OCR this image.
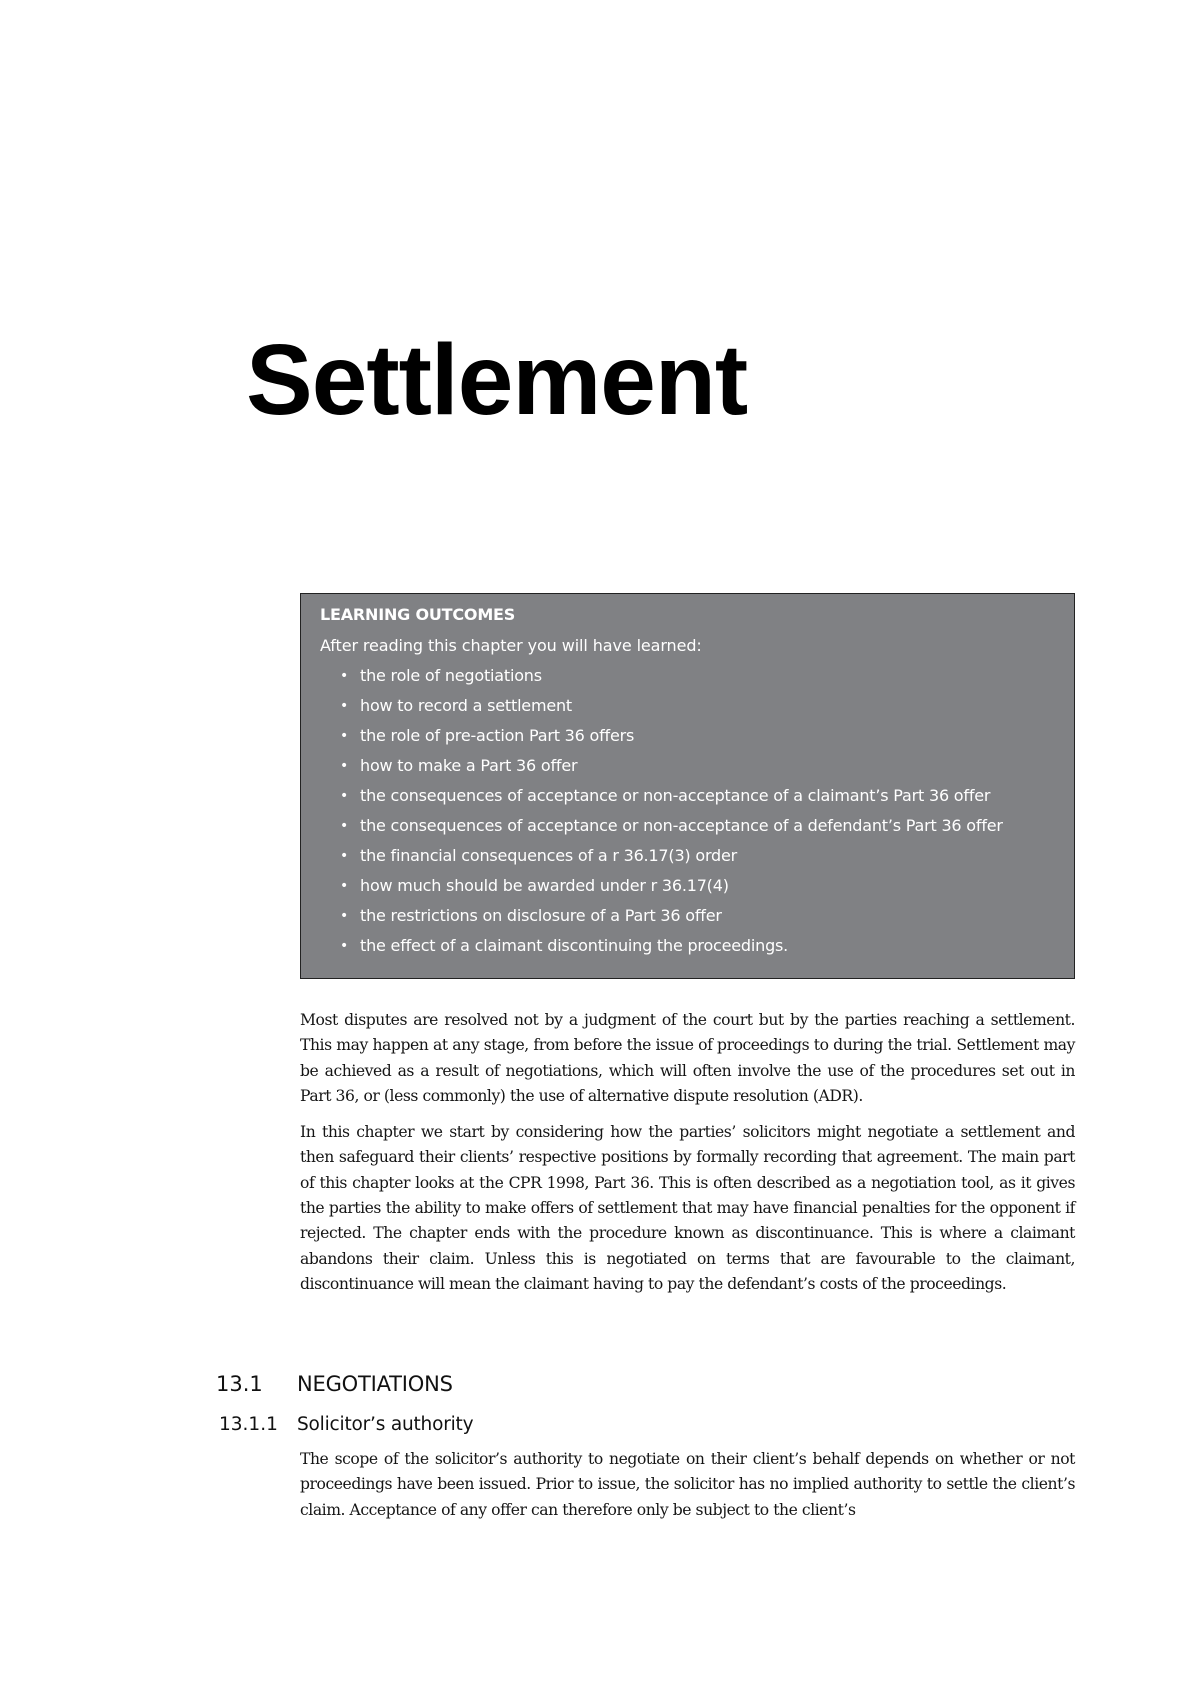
Settlement
LEARNING OUTCOMES
After reading this chapter you will have learned:
• the role of negotiations
• how to record a settlement
• the role of pre-action Part 36 offers
• how to make a Part 36 offer
• the consequences of acceptance or non-acceptance of a claimant’s Part 36 offer
• the consequences of acceptance or non-acceptance of a defendant’s Part 36 offer
• the financial consequences of a r 36.17(3) order
• how much should be awarded under r 36.17(4)
• the restrictions on disclosure of a Part 36 offer
• the effect of a claimant discontinuing the proceedings.

Most disputes are resolved not by a judgment of the court but by the parties reaching a settlement. This may happen at any stage, from before the issue of proceedings to during the trial. Settlement may be achieved as a result of negotiations, which will often involve the use of the procedures set out in Part 36, or (less commonly) the use of alternative dispute resolution (ADR).

In this chapter we start by considering how the parties’ solicitors might negotiate a settlement and then safeguard their clients’ respective positions by formally recording that agreement. The main part of this chapter looks at the CPR 1998, Part 36. This is often described as a negotiation tool, as it gives the parties the ability to make offers of settlement that may have financial penalties for the opponent if rejected. The chapter ends with the procedure known as discontinuance. This is where a claimant abandons their claim. Unless this is negotiated on terms that are favourable to the claimant, discontinuance will mean the claimant having to pay the defendant’s costs of the proceedings.

13.1	NEGOTIATIONS
13.1.1	Solicitor’s authority

The scope of the solicitor’s authority to negotiate on their client’s behalf depends on whether or not proceedings have been issued. Prior to issue, the solicitor has no implied authority to settle the client’s claim. Acceptance of any offer can therefore only be subject to the client’s
